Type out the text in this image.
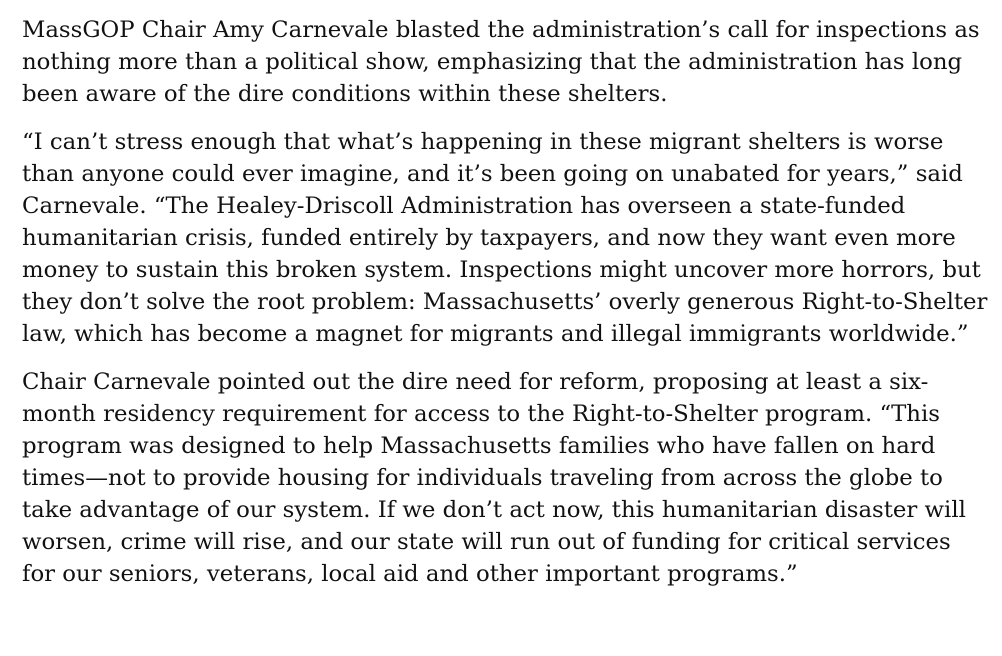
MassGOP Chair Amy Carnevale blasted the administration’s call for inspections as nothing more than a political show, emphasizing that the administration has long been aware of the dire conditions within these shelters.

“I can’t stress enough that what’s happening in these migrant shelters is worse than anyone could ever imagine, and it’s been going on unabated for years,” said Carnevale. “The Healey-Driscoll Administration has overseen a state-funded humanitarian crisis, funded entirely by taxpayers, and now they want even more money to sustain this broken system. Inspections might uncover more horrors, but they don’t solve the root problem: Massachusetts’ overly generous Right-to-Shelter law, which has become a magnet for migrants and illegal immigrants worldwide.”

Chair Carnevale pointed out the dire need for reform, proposing at least a six-month residency requirement for access to the Right-to-Shelter program. “This program was designed to help Massachusetts families who have fallen on hard times—not to provide housing for individuals traveling from across the globe to take advantage of our system. If we don’t act now, this humanitarian disaster will worsen, crime will rise, and our state will run out of funding for critical services for our seniors, veterans, local aid and other important programs.”
